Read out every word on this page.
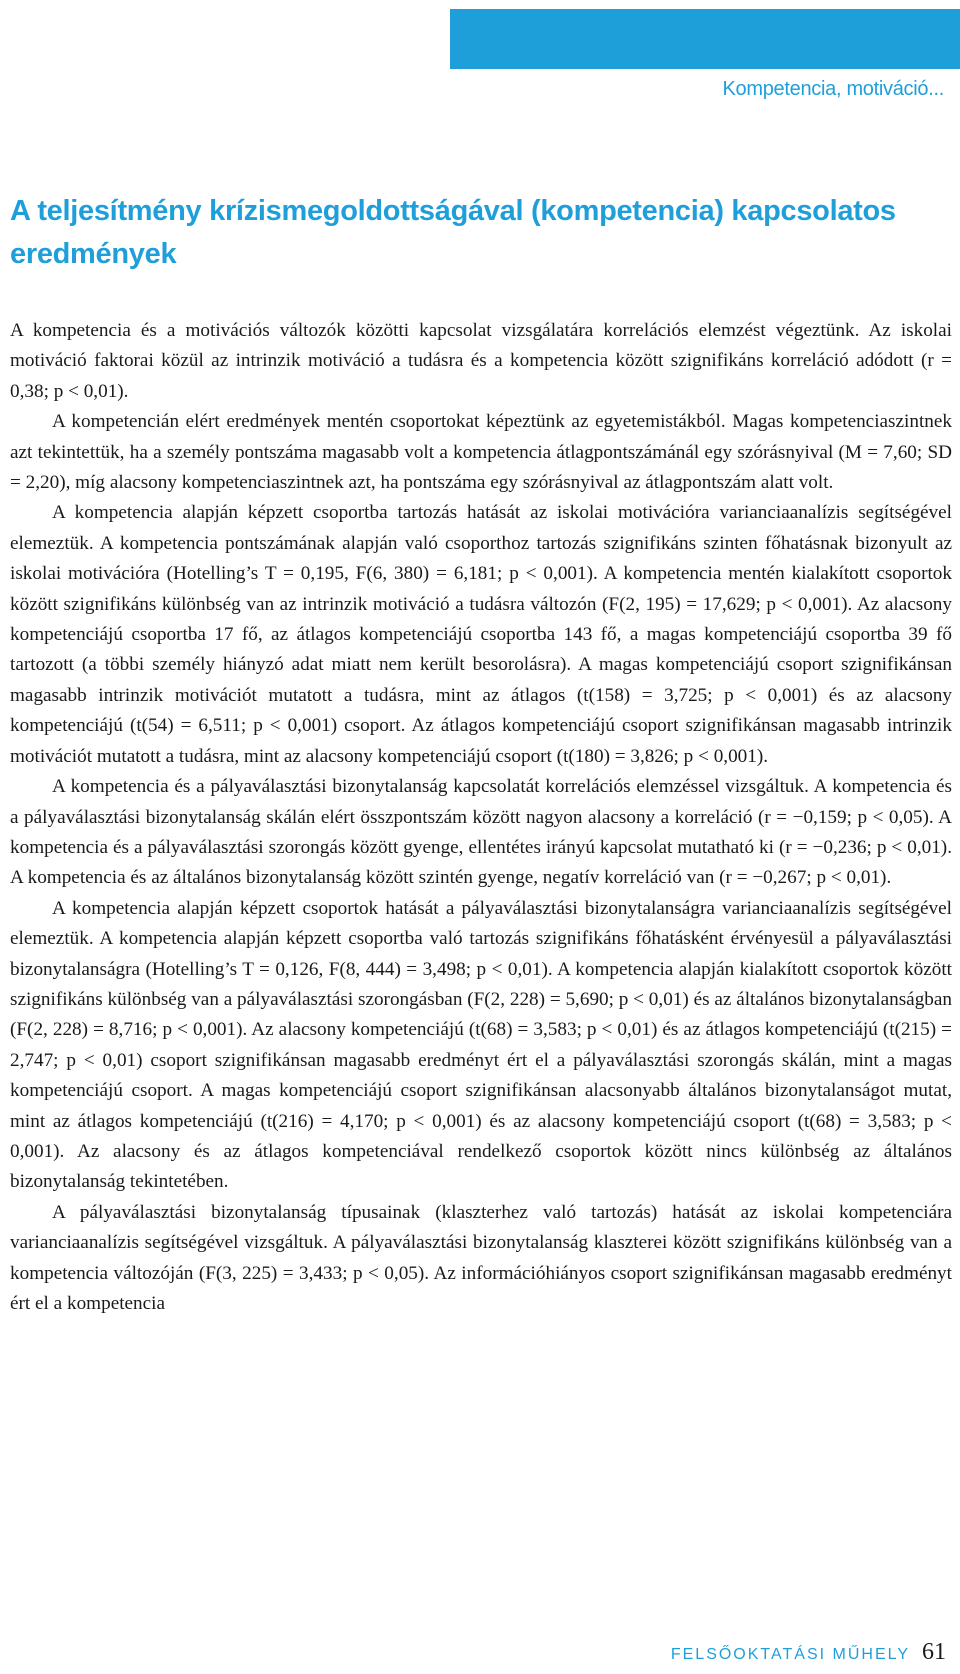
Kompetencia, motiváció...
A teljesítmény krízismegoldottságával (kompetencia) kapcsolatos eredmények

A kompetencia és a motivációs változók közötti kapcsolat vizsgálatára korrelációs elemzést végeztünk. Az iskolai motiváció faktorai közül az intrinzik motiváció a tudásra és a kompetencia között szignifikáns korreláció adódott (r = 0,38; p < 0,01).

A kompetencián elért eredmények mentén csoportokat képeztünk az egyetemistákból. Magas kompetenciaszintnek azt tekintettük, ha a személy pontszáma magasabb volt a kompetencia átlagpontszámánál egy szórásnyival (M = 7,60; SD = 2,20), míg alacsony kompetenciaszintnek azt, ha pontszáma egy szórásnyival az átlagpontszám alatt volt.

A kompetencia alapján képzett csoportba tartozás hatását az iskolai motivációra varianciaanalízis segítségével elemeztük. A kompetencia pontszámának alapján való csoporthoz tartozás szignifikáns szinten főhatásnak bizonyult az iskolai motivációra (Hotelling’s T = 0,195, F(6, 380) = 6,181; p < 0,001). A kompetencia mentén kialakított csoportok között szignifikáns különbség van az intrinzik motiváció a tudásra változón (F(2, 195) = 17,629; p < 0,001). Az alacsony kompetenciájú csoportba 17 fő, az átlagos kompetenciájú csoportba 143 fő, a magas kompetenciájú csoportba 39 fő tartozott (a többi személy hiányzó adat miatt nem került besorolásra). A magas kompetenciájú csoport szignifikánsan magasabb intrinzik motivációt mutatott a tudásra, mint az átlagos (t(158) = 3,725; p < 0,001) és az alacsony kompetenciájú (t(54) = 6,511; p < 0,001) csoport. Az átlagos kompetenciájú csoport szignifikánsan magasabb intrinzik motivációt mutatott a tudásra, mint az alacsony kompetenciájú csoport (t(180) = 3,826; p < 0,001).

A kompetencia és a pályaválasztási bizonytalanság kapcsolatát korrelációs elemzéssel vizsgáltuk. A kompetencia és a pályaválasztási bizonytalanság skálán elért összpontszám között nagyon alacsony a korreláció (r = −0,159; p < 0,05). A kompetencia és a pályaválasztási szorongás között gyenge, ellentétes irányú kapcsolat mutatható ki (r = −0,236; p < 0,01). A kompetencia és az általános bizonytalanság között szintén gyenge, negatív korreláció van (r = −0,267; p < 0,01).

A kompetencia alapján képzett csoportok hatását a pályaválasztási bizonytalanságra varianciaanalízis segítségével elemeztük. A kompetencia alapján képzett csoportba való tartozás szignifikáns főhatásként érvényesül a pályaválasztási bizonytalanságra (Hotelling’s T = 0,126, F(8, 444) = 3,498; p < 0,01). A kompetencia alapján kialakított csoportok között szignifikáns különbség van a pályaválasztási szorongásban (F(2, 228) = 5,690; p < 0,01) és az általános bizonytalanságban (F(2, 228) = 8,716; p < 0,001). Az alacsony kompetenciájú (t(68) = 3,583; p < 0,01) és az átlagos kompetenciájú (t(215) = 2,747; p < 0,01) csoport szignifikánsan magasabb eredményt ért el a pályaválasztási szorongás skálán, mint a magas kompetenciájú csoport. A magas kompetenciájú csoport szignifikánsan alacsonyabb általános bizonytalanságot mutat, mint az átlagos kompetenciájú (t(216) = 4,170; p < 0,001) és az alacsony kompetenciájú csoport (t(68) = 3,583; p < 0,001). Az alacsony és az átlagos kompetenciával rendelkező csoportok között nincs különbség az általános bizonytalanság tekintetében.

A pályaválasztási bizonytalanság típusainak (klaszterhez való tartozás) hatását az iskolai kompetenciára varianciaanalízis segítségével vizsgáltuk. A pályaválasztási bizonytalanság klaszterei között szignifikáns különbség van a kompetencia változóján (F(3, 225) = 3,433; p < 0,05). Az információhiányos csoport szignifikánsan magasabb eredményt ért el a kompetencia

FELSŐOKTATÁSI MŰHELY 61
